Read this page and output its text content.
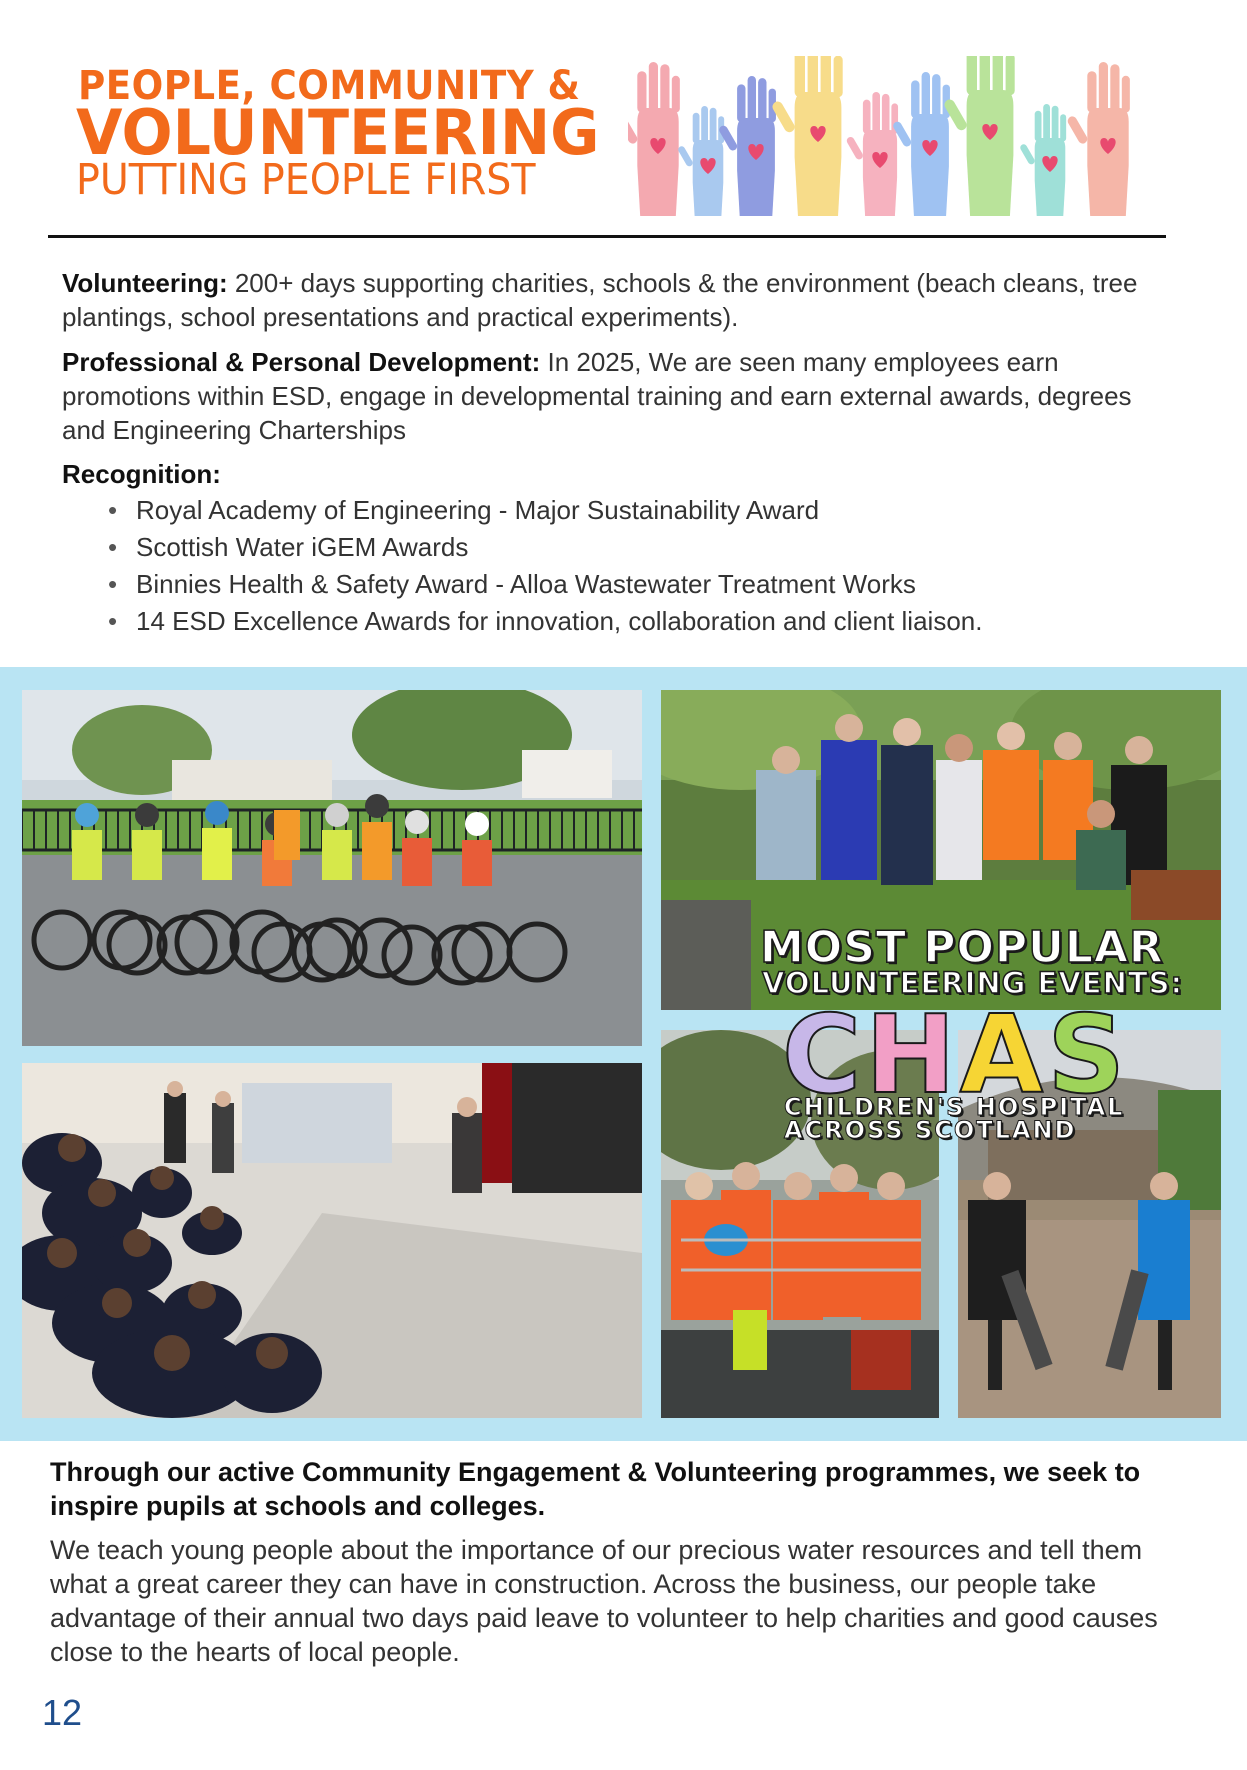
PEOPLE, COMMUNITY &
VOLUNTEERING
PUTTING PEOPLE FIRST
Volunteering: 200+ days supporting charities, schools & the environment (beach cleans, tree plantings, school presentations and practical experiments).
Professional & Personal Development: In 2025, We are seen many employees earn promotions within ESD, engage in developmental training and earn external awards, degrees and Engineering Charterships
Recognition:
• Royal Academy of Engineering - Major Sustainability Award
• Scottish Water iGEM Awards
• Binnies Health & Safety Award - Alloa Wastewater Treatment Works
• 14 ESD Excellence Awards for innovation, collaboration and client liaison.
MOST POPULAR
VOLUNTEERING EVENTS:
CHAS
CHILDREN'S HOSPITAL
ACROSS SCOTLAND
Through our active Community Engagement & Volunteering programmes, we seek to inspire pupils at schools and colleges.
We teach young people about the importance of our precious water resources and tell them what a great career they can have in construction. Across the business, our people take advantage of their annual two days paid leave to volunteer to help charities and good causes close to the hearts of local people.
12
